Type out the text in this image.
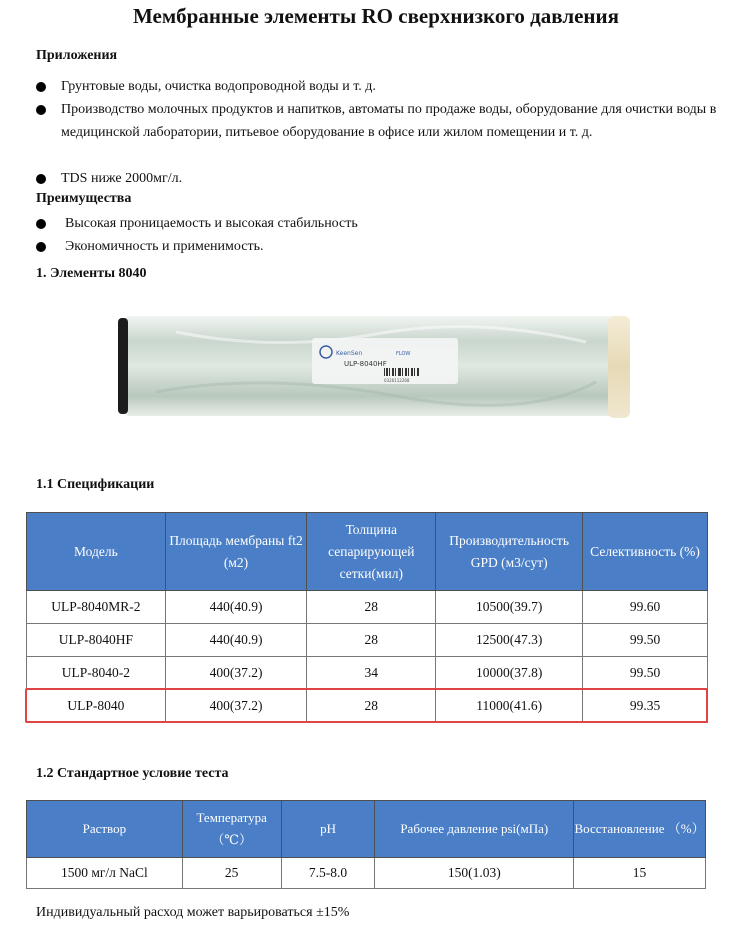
Мембранные элементы RO сверхнизкого давления
Приложения
Грунтовые воды, очистка водопроводной воды и т. д.
Производство молочных продуктов и напитков, автоматы по продаже воды, оборудование для очистки воды в медицинской лаборатории, питьевое оборудование в офисе или жилом помещении и т. д.
TDS ниже 2000мг/л.
Преимущества
Высокая проницаемость и высокая стабильность
Экономичность и применимость.
1. Элементы 8040
KeenSen	FLOW
ULP-8040HF
0326112268
1.1 Спецификации
Модель	Площадь мембраны ft2 (м2)	Толщина сепарирующей сетки(мил)	Производительность GPD (м3/сут)	Селективность (%)
ULP-8040MR-2	440(40.9)	28	10500(39.7)	99.60
ULP-8040HF	440(40.9)	28	12500(47.3)	99.50
ULP-8040-2	400(37.2)	34	10000(37.8)	99.50
ULP-8040	400(37.2)	28	11000(41.6)	99.35
1.2 Стандартное условие теста
Раствор	Температура （℃）	pH	Рабочее давление psi(мПа)	Восстановление （%）
1500 мг/л NaCl	25	7.5-8.0	150(1.03)	15
Индивидуальный расход может варьироваться ±15%
